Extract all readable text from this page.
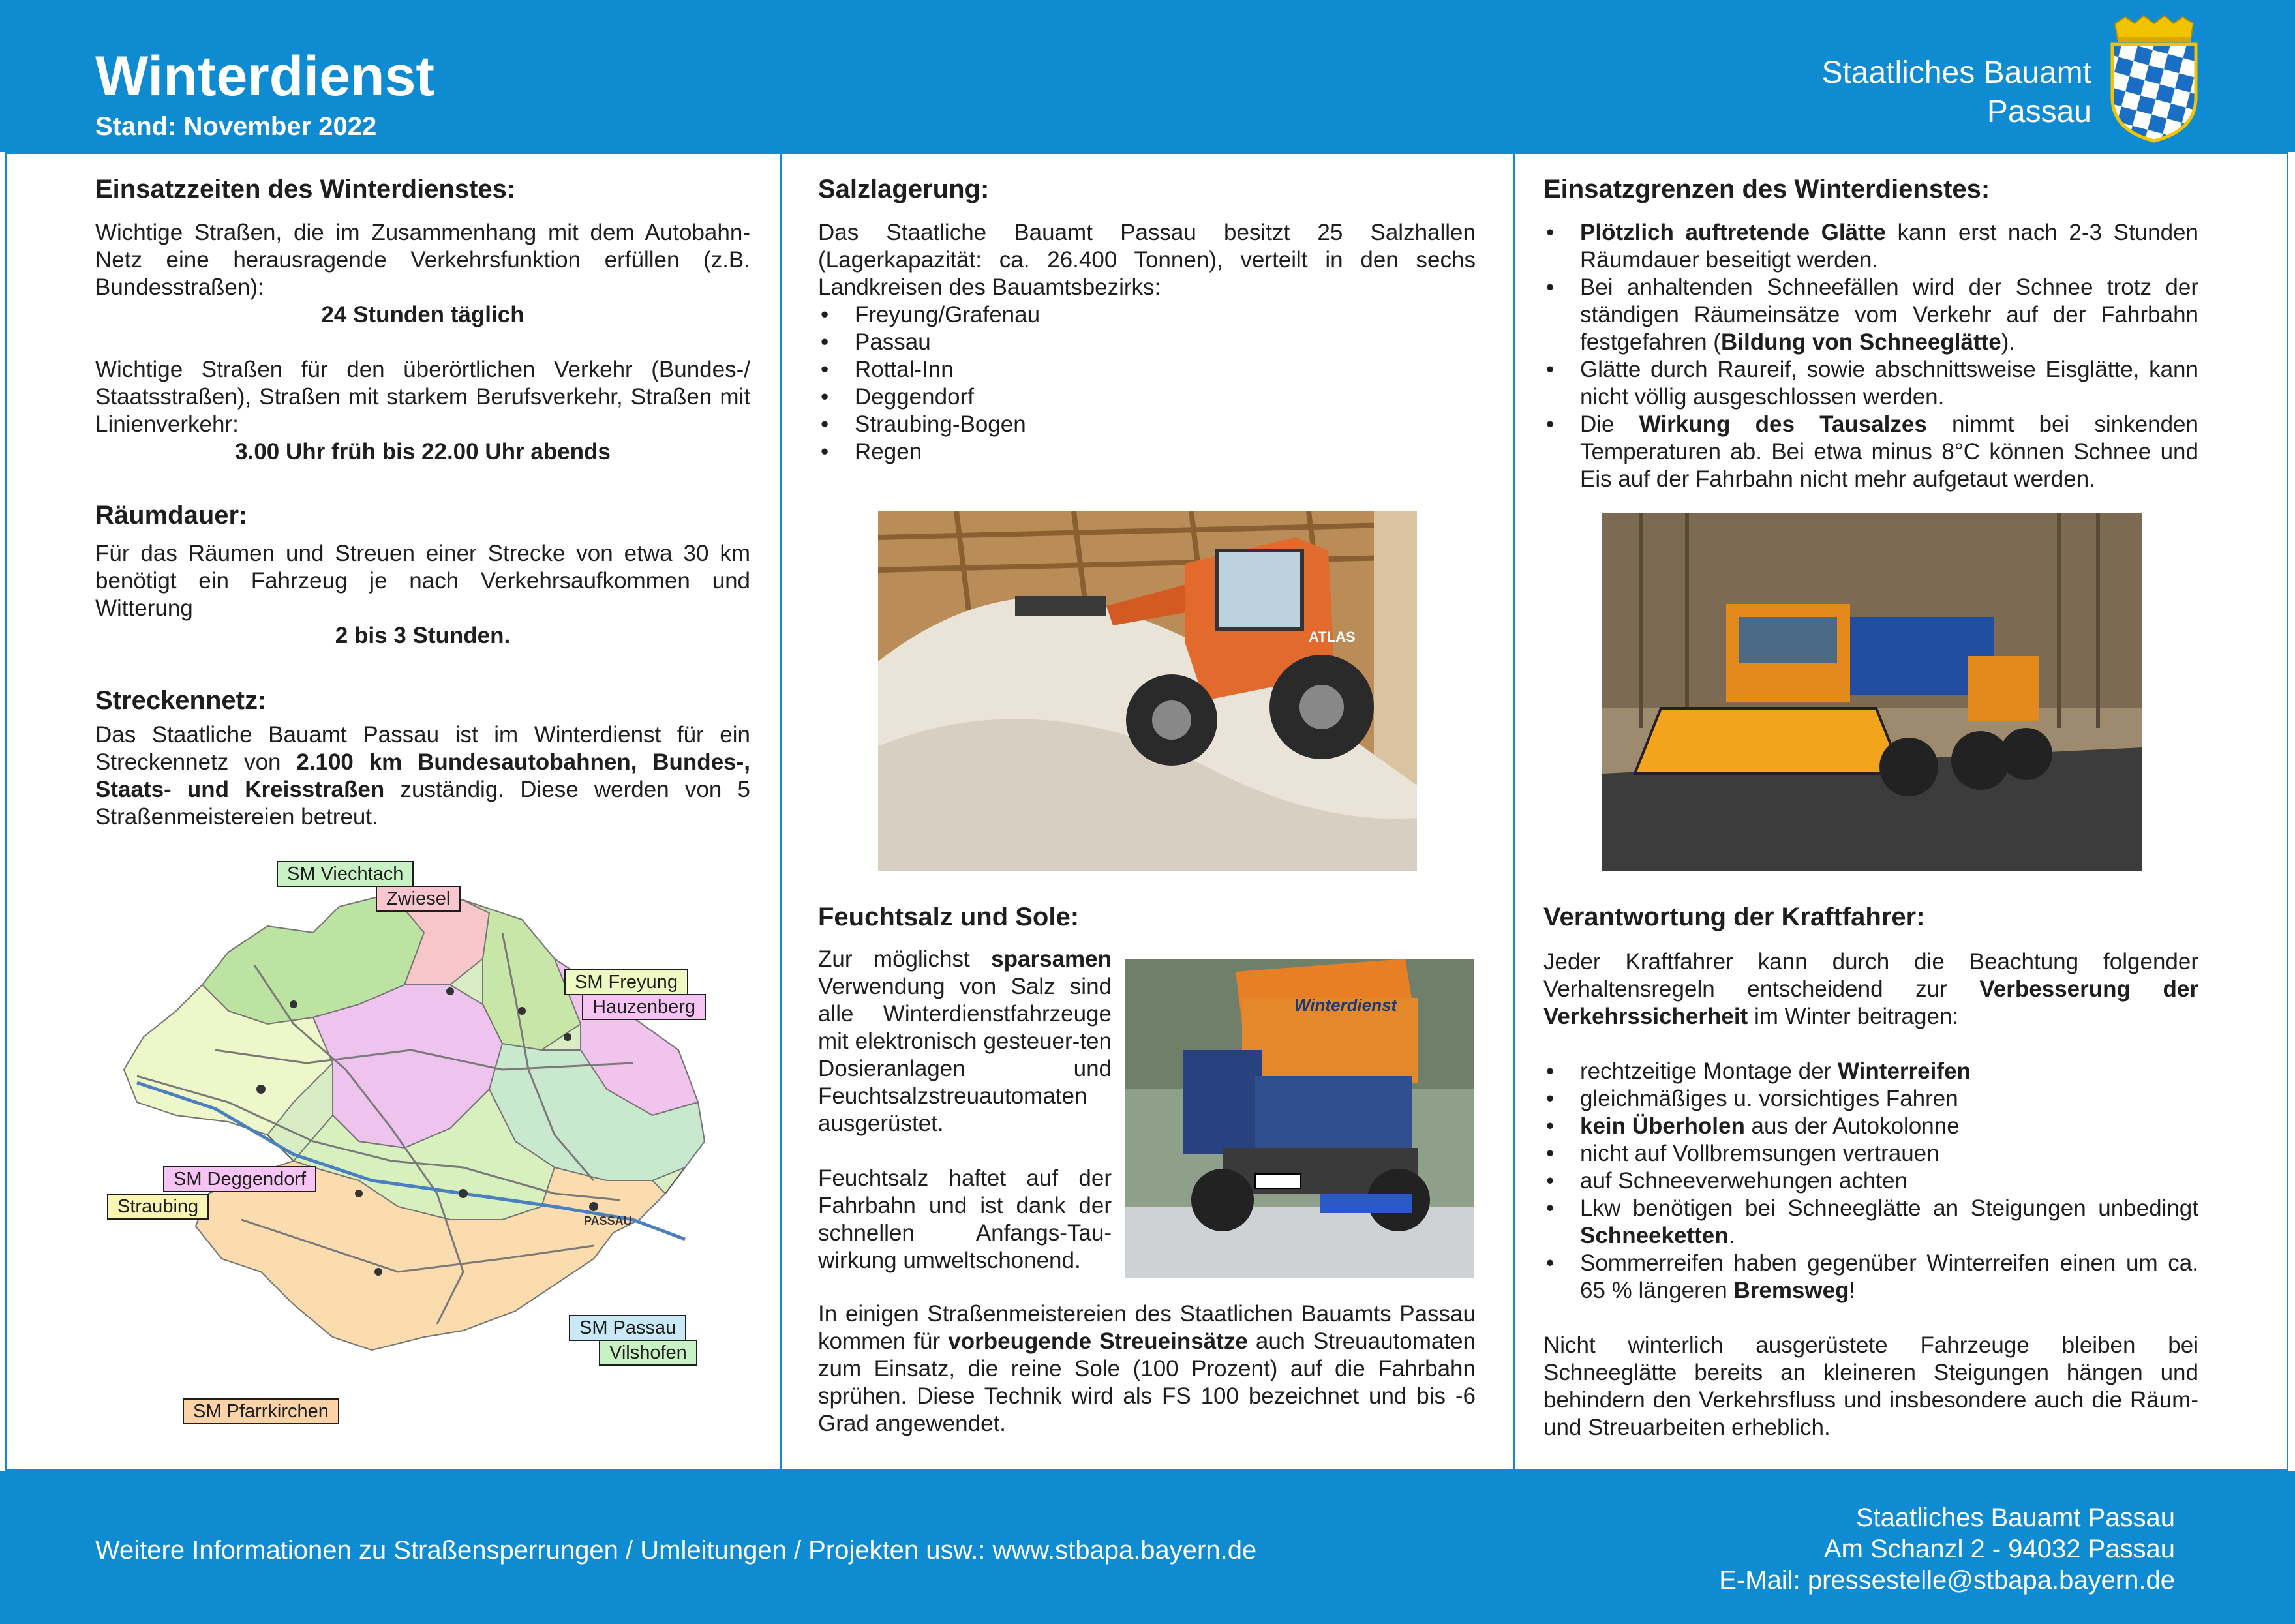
Winterdienst
Stand: November 2022
Staatliches Bauamt
Passau
Einsatzzeiten des Winterdienstes:

Wichtige Straßen, die im Zusammenhang mit dem Autobahn-Netz eine herausragende Verkehrsfunktion erfüllen (z.B. Bundesstraßen):

24 Stunden täglich

Wichtige Straßen für den überörtlichen Verkehr (Bundes-/ Staatsstraßen), Straßen mit starkem Berufsverkehr, Straßen mit Linienverkehr:

3.00 Uhr früh bis 22.00 Uhr abends

Räumdauer:

Für das Räumen und Streuen einer Strecke von etwa 30 km benötigt ein Fahrzeug je nach Verkehrsaufkommen und Witterung

2 bis 3 Stunden.

Streckennetz:

Das Staatliche Bauamt Passau ist im Winterdienst für ein Streckennetz von 2.100 km Bundesautobahnen, Bundes-, Staats- und Kreisstraßen zuständig. Diese werden von 5 Straßenmeistereien betreut.

PASSAU
SM Viechtach
Zwiesel
SM Freyung
Hauzenberg
SM Deggendorf
Straubing
SM Passau
Vilshofen
SM Pfarrkirchen
Salzlagerung:

Das Staatliche Bauamt Passau besitzt 25 Salzhallen (Lagerkapazität: ca. 26.400 Tonnen), verteilt in den sechs Landkreisen des Bauamtsbezirks:

• Freyung/Grafenau
• Passau
• Rottal-Inn
• Deggendorf
• Straubing-Bogen
• Regen
ATLAS
Feuchtsalz und Sole:

Zur möglichst sparsamen Verwendung von Salz sind alle Winterdienstfahrzeuge mit elektronisch gesteuer-ten Dosieranlagen und Feuchtsalzstreuautomaten ausgerüstet.

Feuchtsalz haftet auf der Fahrbahn und ist dank der schnellen Anfangs-Tau-wirkung umweltschonend.

Winterdienst

In einigen Straßenmeistereien des Staatlichen Bauamts Passau kommen für vorbeugende Streueinsätze auch Streuautomaten zum Einsatz, die reine Sole (100 Prozent) auf die Fahrbahn sprühen. Diese Technik wird als FS 100 bezeichnet und bis -6 Grad angewendet.

Einsatzgrenzen des Winterdienstes:
• Plötzlich auftretende Glätte kann erst nach 2-3 Stunden Räumdauer beseitigt werden.
• Bei anhaltenden Schneefällen wird der Schnee trotz der ständigen Räumeinsätze vom Verkehr auf der Fahrbahn festgefahren (Bildung von Schneeglätte).
• Glätte durch Raureif, sowie abschnittsweise Eisglätte, kann nicht völlig ausgeschlossen werden.
• Die Wirkung des Tausalzes nimmt bei sinkenden Temperaturen ab. Bei etwa minus 8°C können Schnee und Eis auf der Fahrbahn nicht mehr aufgetaut werden.
Verantwortung der Kraftfahrer:

Jeder Kraftfahrer kann durch die Beachtung folgender Verhaltensregeln entscheidend zur Verbesserung der Verkehrssicherheit im Winter beitragen:

• rechtzeitige Montage der Winterreifen
• gleichmäßiges u. vorsichtiges Fahren
• kein Überholen aus der Autokolonne
• nicht auf Vollbremsungen vertrauen
• auf Schneeverwehungen achten
• Lkw benötigen bei Schneeglätte an Steigungen unbedingt Schneeketten.
• Sommerreifen haben gegenüber Winterreifen einen um ca. 65 % längeren Bremsweg!

Nicht winterlich ausgerüstete Fahrzeuge bleiben bei Schneeglätte bereits an kleineren Steigungen hängen und behindern den Verkehrsfluss und insbesondere auch die Räum- und Streuarbeiten erheblich.

Weitere Informationen zu Straßensperrungen / Umleitungen / Projekten usw.: www.stbapa.bayern.de
Staatliches Bauamt Passau
Am Schanzl 2 - 94032 Passau
E-Mail: pressestelle@stbapa.bayern.de
